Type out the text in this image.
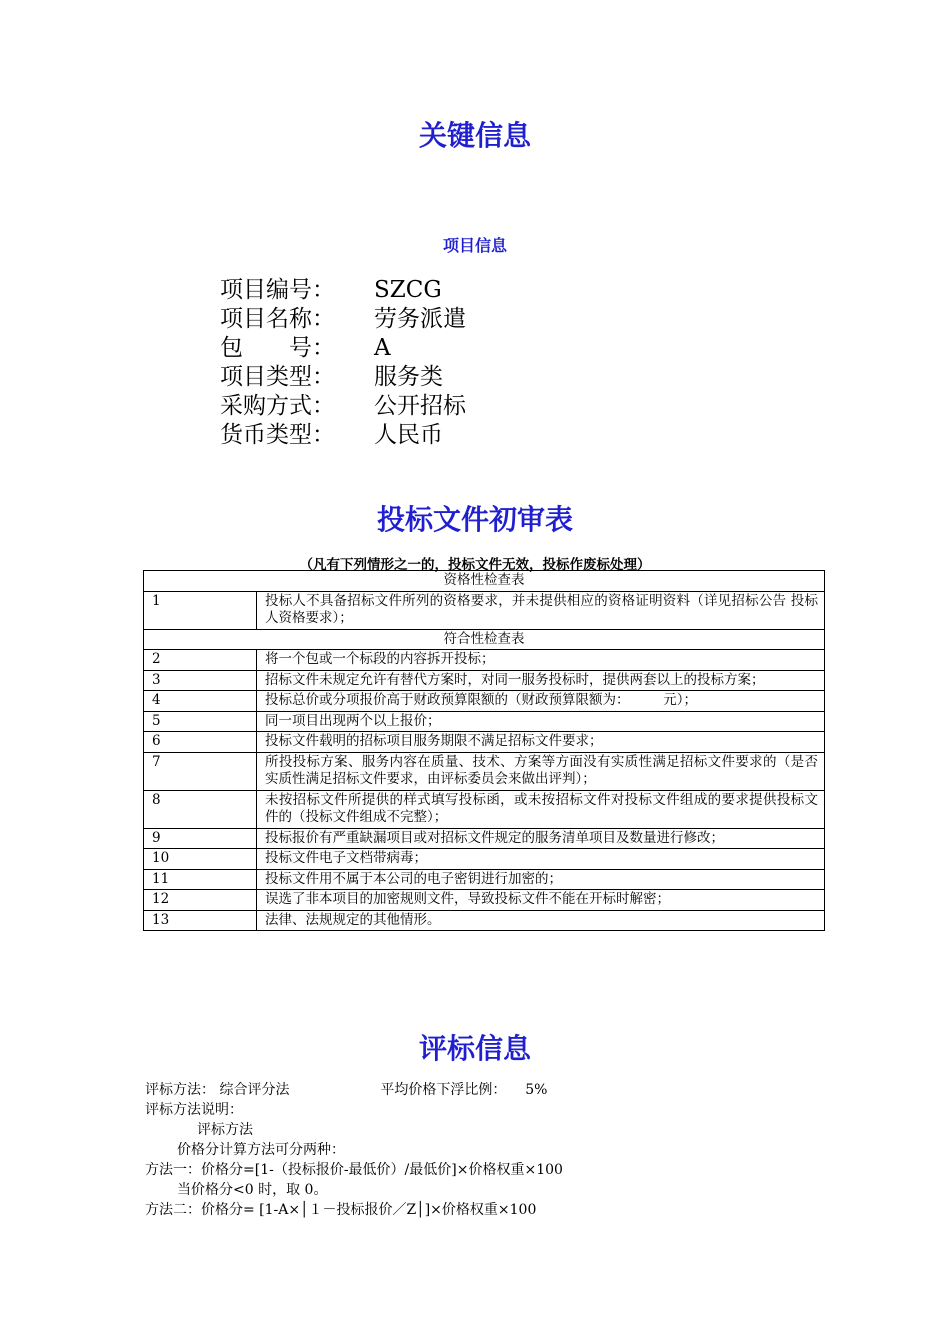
关键信息
项目信息
项目编号：	SZCG
项目名称：	劳务派遣
包　　号：	A
项目类型：	服务类
采购方式：	公开招标
货币类型：	人民币
投标文件初审表
（凡有下列情形之一的，投标文件无效，投标作废标处理）
资格性检查表	
1	投标人不具备招标文件所列的资格要求，并未提供相应的资格证明资料（详见招标公告 投标人资格要求）；
符合性检查表	
2	将一个包或一个标段的内容拆开投标；
3	招标文件未规定允许有替代方案时，对同一服务投标时，提供两套以上的投标方案；
4	投标总价或分项报价高于财政预算限额的（财政预算限额为：　　　元）；
5	同一项目出现两个以上报价；
6	投标文件载明的招标项目服务期限不满足招标文件要求；
7	所投投标方案、服务内容在质量、技术、方案等方面没有实质性满足招标文件要求的（是否实质性满足招标文件要求，由评标委员会来做出评判）；
8	未按招标文件所提供的样式填写投标函，或未按招标文件对投标文件组成的要求提供投标文件的（投标文件组成不完整）；
9	投标报价有严重缺漏项目或对招标文件规定的服务清单项目及数量进行修改；
10	投标文件电子文档带病毒；
11	投标文件用不属于本公司的电子密钥进行加密的；
12	误选了非本项目的加密规则文件，导致投标文件不能在开标时解密；
13	法律、法规规定的其他情形。
评标信息
评标方法： 综合评分法	平均价格下浮比例： 5%
评标方法说明：
评标方法
价格分计算方法可分两种：
方法一：价格分=[1-（投标报价-最低价）/最低价]×价格权重×100
当价格分<0 时，取 0。
方法二：价格分= [1-A×│１－投标报价／Z│]×价格权重×100
